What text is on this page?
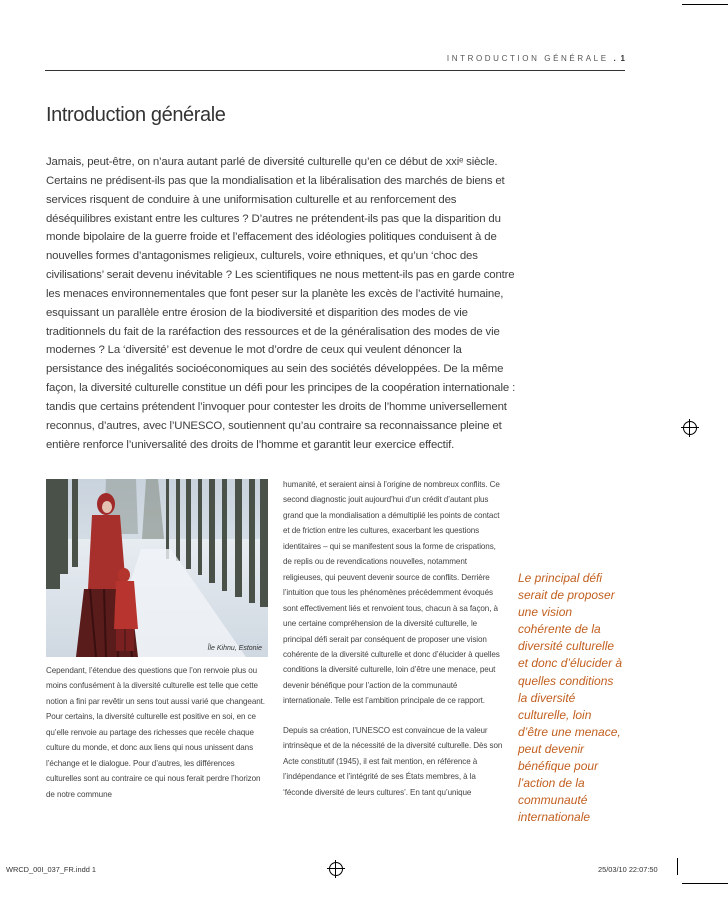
INTRODUCTION GÉNÉRALE . 1
Introduction générale

Jamais, peut-être, on n’aura autant parlé de diversité culturelle qu’en ce début de xxiᵉ siècle. Certains ne prédisent-ils pas que la mondialisation et la libéralisation des marchés de biens et services risquent de conduire à une uniformisation culturelle et au renforcement des déséquilibres existant entre les cultures ? D’autres ne prétendent-ils pas que la disparition du monde bipolaire de la guerre froide et l’effacement des idéologies politiques conduisent à de nouvelles formes d’antagonismes religieux, culturels, voire ethniques, et qu’un ‘choc des civilisations’ serait devenu inévitable ? Les scientifiques ne nous mettent-ils pas en garde contre les menaces environnementales que font peser sur la planète les excès de l’activité humaine, esquissant un parallèle entre érosion de la biodiversité et disparition des modes de vie traditionnels du fait de la raréfaction des ressources et de la généralisation des modes de vie modernes ? La ‘diversité’ est devenue le mot d’ordre de ceux qui veulent dénoncer la persistance des inégalités socioéconomiques au sein des sociétés développées. De la même façon, la diversité culturelle constitue un défi pour les principes de la coopération internationale : tandis que certains prétendent l’invoquer pour contester les droits de l’homme universellement reconnus, d’autres, avec l’UNESCO, soutiennent qu’au contraire sa reconnaissance pleine et entière renforce l’universalité des droits de l’homme et garantit leur exercice effectif.

Île Kihnu, Estonie

Cependant, l’étendue des questions que l’on renvoie plus ou moins confusément à la diversité culturelle est telle que cette notion a fini par revêtir un sens tout aussi varié que changeant. Pour certains, la diversité culturelle est positive en soi, en ce qu’elle renvoie au partage des richesses que recèle chaque culture du monde, et donc aux liens qui nous unissent dans l’échange et le dialogue. Pour d’autres, les différences culturelles sont au contraire ce qui nous ferait perdre l’horizon de notre commune

humanité, et seraient ainsi à l’origine de nombreux conflits. Ce second diagnostic jouit aujourd’hui d’un crédit d’autant plus grand que la mondialisation a démultiplié les points de contact et de friction entre les cultures, exacerbant les questions identitaires – qui se manifestent sous la forme de crispations, de replis ou de revendications nouvelles, notamment religieuses, qui peuvent devenir source de conflits. Derrière l’intuition que tous les phénomènes précédemment évoqués sont effectivement liés et renvoient tous, chacun à sa façon, à une certaine compréhension de la diversité culturelle, le principal défi serait par conséquent de proposer une vision cohérente de la diversité culturelle et donc d’élucider à quelles conditions la diversité culturelle, loin d’être une menace, peut devenir bénéfique pour l’action de la communauté internationale. Telle est l’ambition principale de ce rapport.

Depuis sa création, l’UNESCO est convaincue de la valeur intrinsèque et de la nécessité de la diversité culturelle. Dès son Acte constitutif (1945), il est fait mention, en référence à l’indépendance et l’intégrité de ses États membres, à la ‘féconde diversité de leurs cultures’. En tant qu’unique

Le principal défi serait de proposer une vision cohérente de la diversité culturelle et donc d’élucider à quelles conditions la diversité culturelle, loin d’être une menace, peut devenir bénéfique pour l’action de la communauté internationale
WRCD_00I_037_FR.indd 1	25/03/10 22:07:50
